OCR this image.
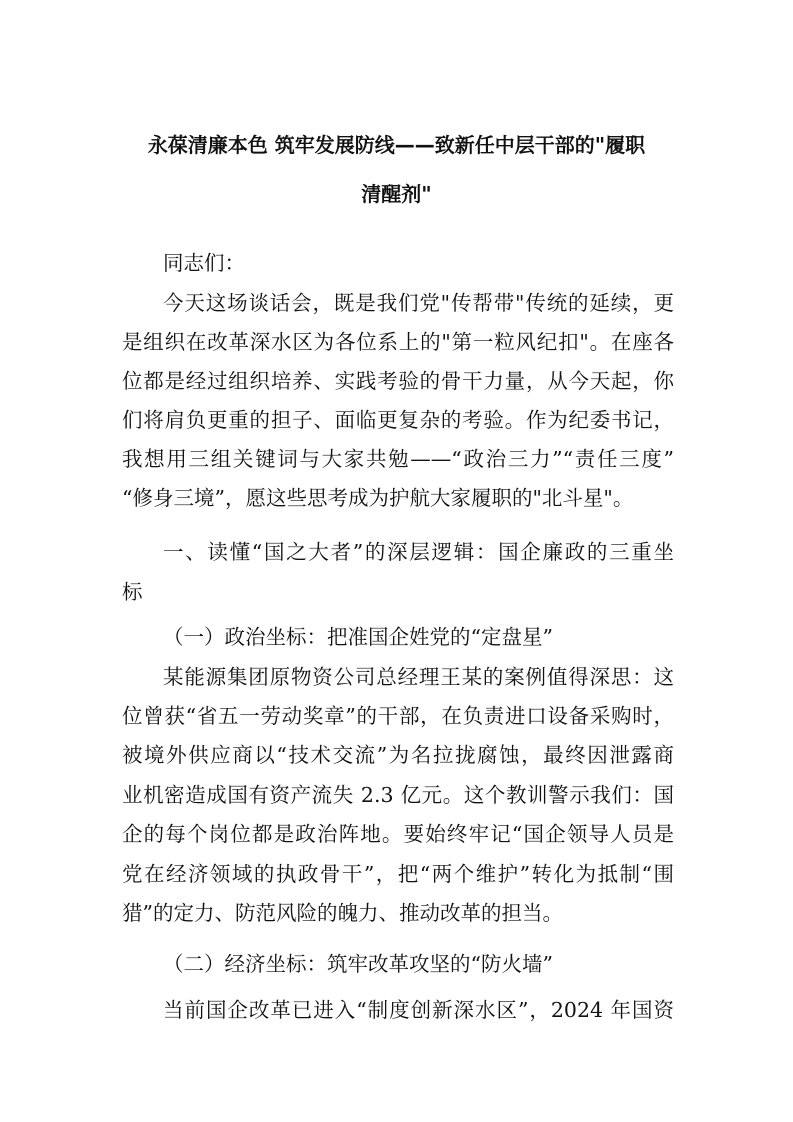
永葆清廉本色 筑牢发展防线——致新任中层干部的"履职
清醒剂"
同志们：
今天这场谈话会，既是我们党"传帮带"传统的延续，更
是组织在改革深水区为各位系上的"第一粒风纪扣"。在座各
位都是经过组织培养、实践考验的骨干力量，从今天起，你
们将肩负更重的担子、面临更复杂的考验。作为纪委书记，
我想用三组关键词与大家共勉——“政治三力”“责任三度”
“修身三境”，愿这些思考成为护航大家履职的"北斗星"。
一、读懂“国之大者”的深层逻辑：国企廉政的三重坐
标
（一）政治坐标：把准国企姓党的“定盘星”
某能源集团原物资公司总经理王某的案例值得深思：这
位曾获“省五一劳动奖章”的干部，在负责进口设备采购时，
被境外供应商以“技术交流”为名拉拢腐蚀，最终因泄露商
业机密造成国有资产流失 2.3 亿元。这个教训警示我们：国
企的每个岗位都是政治阵地。要始终牢记“国企领导人员是
党在经济领域的执政骨干”，把“两个维护”转化为抵制“围
猎”的定力、防范风险的魄力、推动改革的担当。
（二）经济坐标：筑牢改革攻坚的“防火墙”
当前国企改革已进入“制度创新深水区”，2024 年国资
